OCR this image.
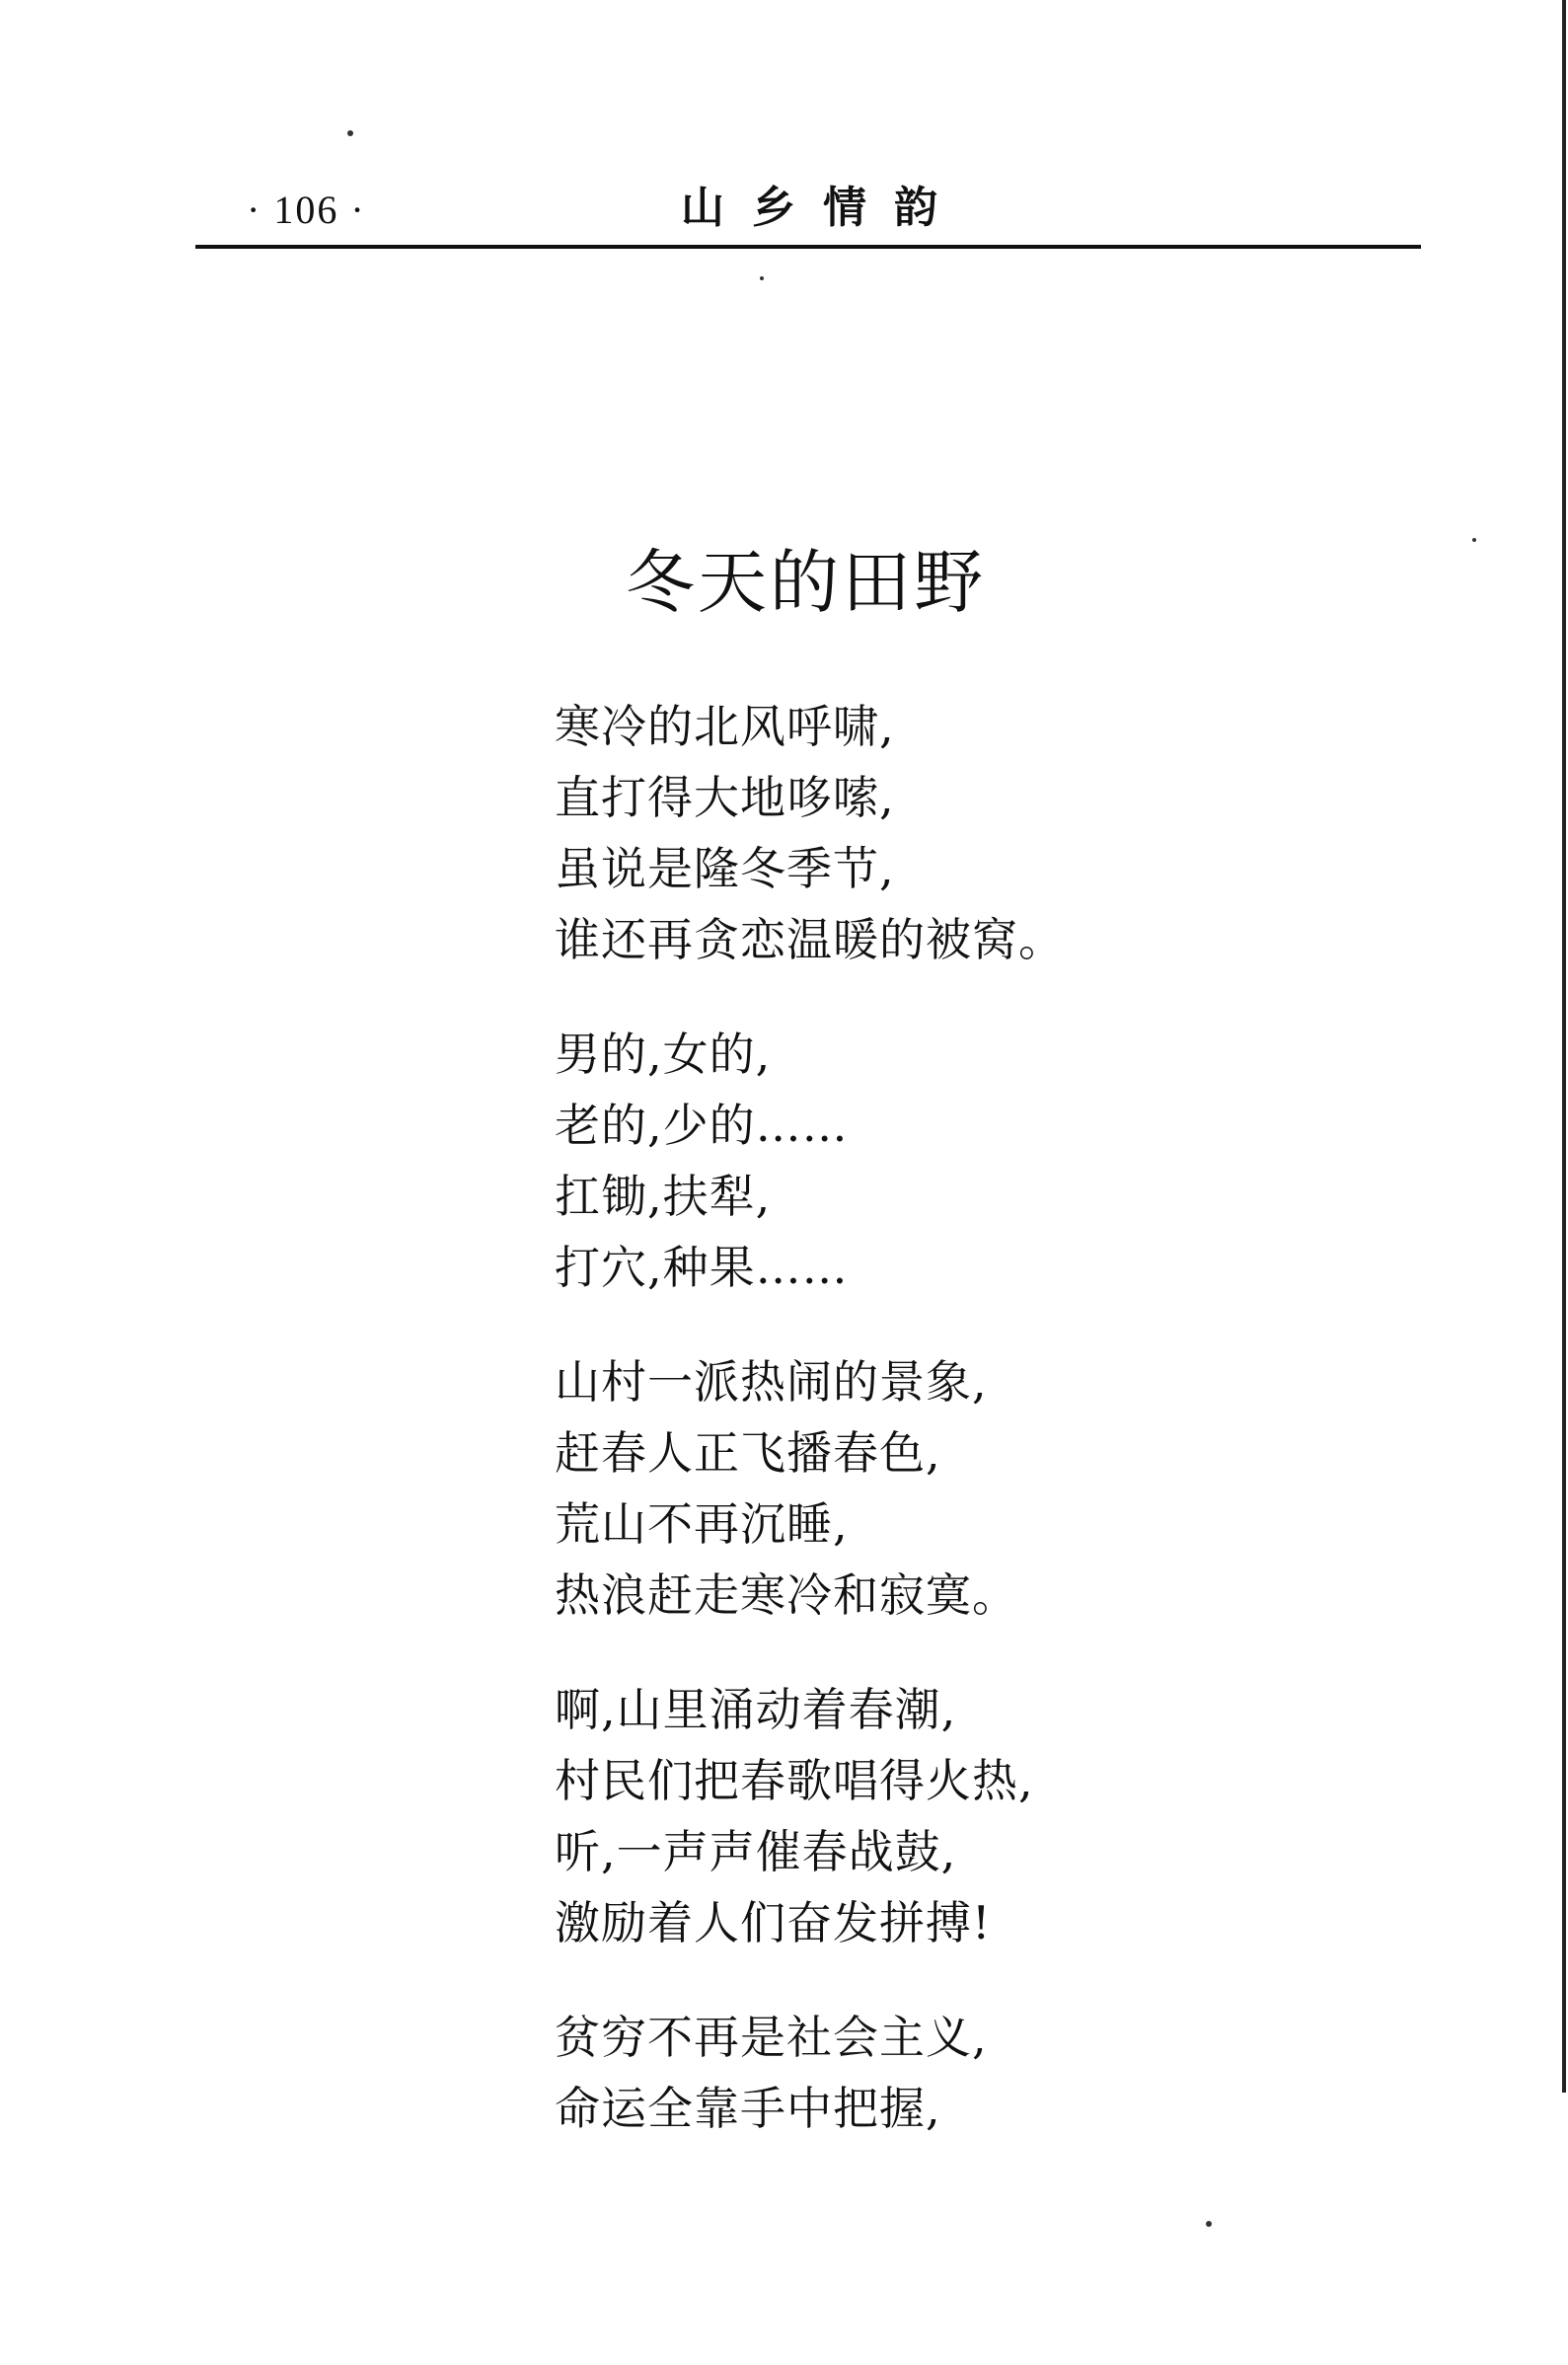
· 106 ·	山乡情韵
冬天的田野
寒冷的北风呼啸,
直打得大地哆嗦,
虽说是隆冬季节,
谁还再贪恋温暖的被窝。
男的,女的,
老的,少的……
扛锄,扶犁,
打穴,种果……
山村一派热闹的景象,
赶春人正飞播春色,
荒山不再沉睡,
热浪赶走寒冷和寂寞。
啊,山里涌动着春潮,
村民们把春歌唱得火热,
听,一声声催春战鼓,
激励着人们奋发拼搏!
贫穷不再是社会主义,
命运全靠手中把握,
